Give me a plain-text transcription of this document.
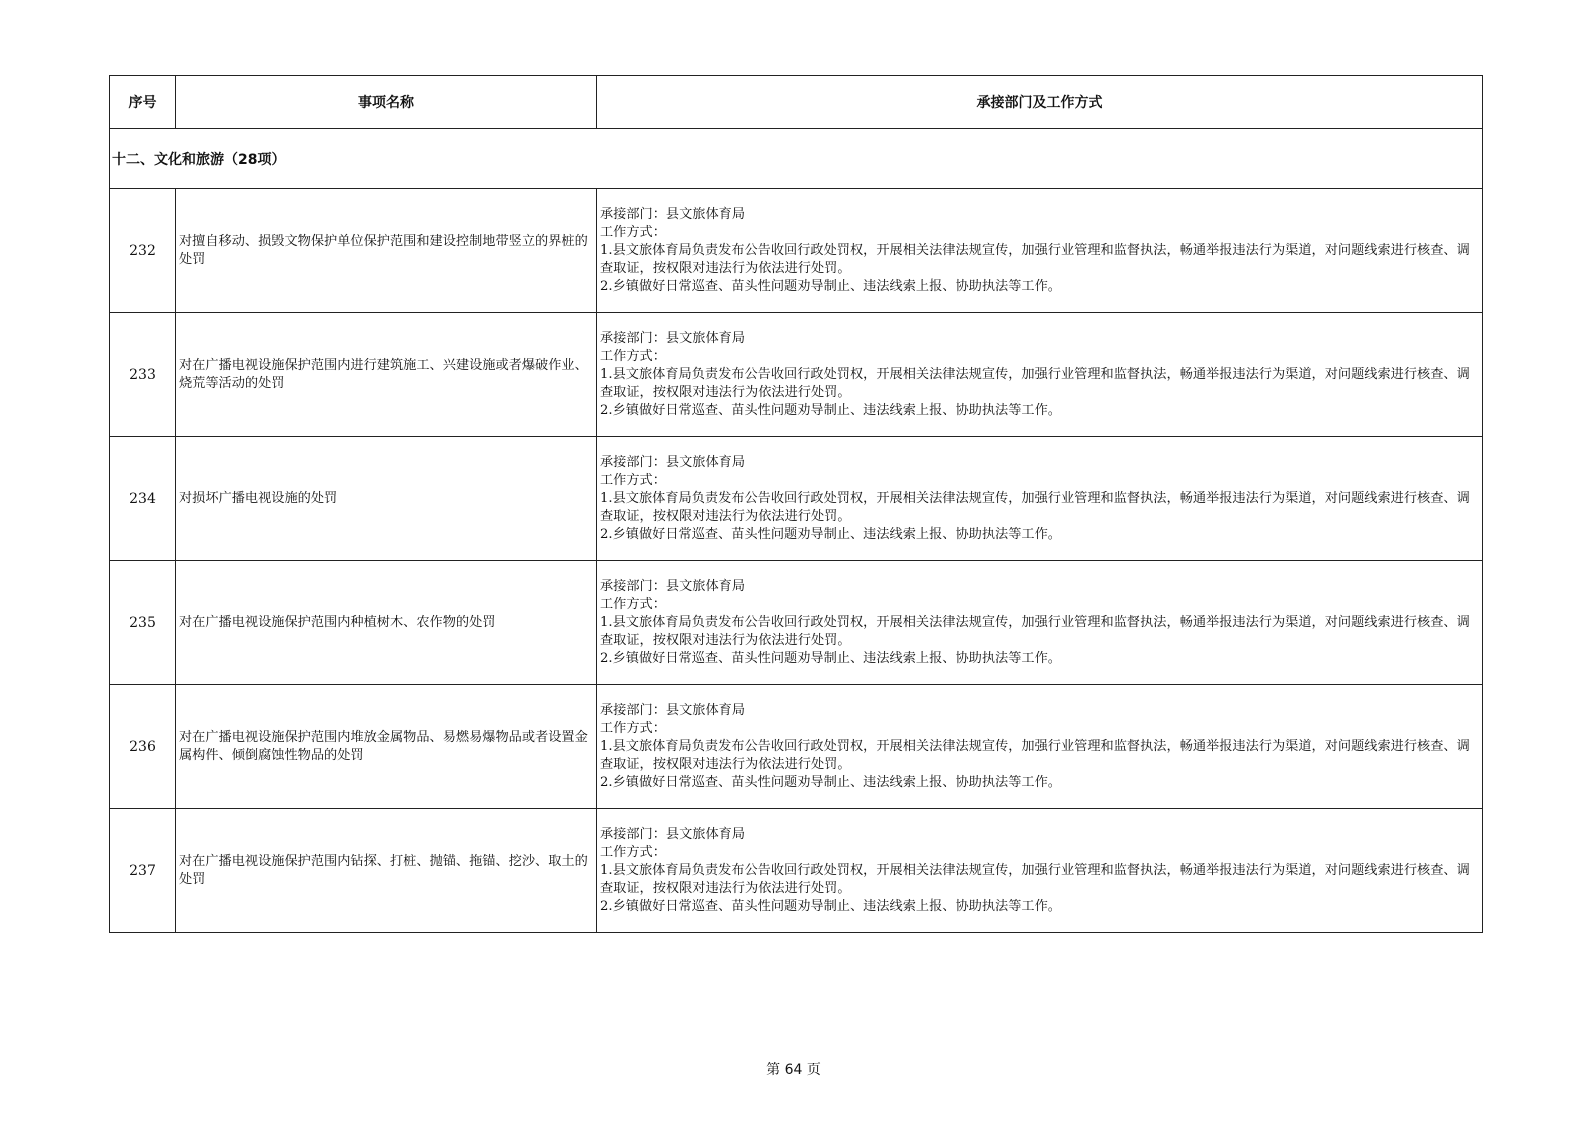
序号	事项名称	承接部门及工作方式
十二、文化和旅游（28项）		
232	对擅自移动、损毁文物保护单位保护范围和建设控制地带竖立的界桩的处罚	承接部门：县文旅体育局
工作方式：
1.县文旅体育局负责发布公告收回行政处罚权，开展相关法律法规宣传，加强行业管理和监督执法，畅通举报违法行为渠道，对问题线索进行核查、调查取证，按权限对违法行为依法进行处罚。
2.乡镇做好日常巡查、苗头性问题劝导制止、违法线索上报、协助执法等工作。

233	对在广播电视设施保护范围内进行建筑施工、兴建设施或者爆破作业、烧荒等活动的处罚	承接部门：县文旅体育局
工作方式：
1.县文旅体育局负责发布公告收回行政处罚权，开展相关法律法规宣传，加强行业管理和监督执法，畅通举报违法行为渠道，对问题线索进行核查、调查取证，按权限对违法行为依法进行处罚。
2.乡镇做好日常巡查、苗头性问题劝导制止、违法线索上报、协助执法等工作。

234	对损坏广播电视设施的处罚	承接部门：县文旅体育局
工作方式：
1.县文旅体育局负责发布公告收回行政处罚权，开展相关法律法规宣传，加强行业管理和监督执法，畅通举报违法行为渠道，对问题线索进行核查、调查取证，按权限对违法行为依法进行处罚。
2.乡镇做好日常巡查、苗头性问题劝导制止、违法线索上报、协助执法等工作。

235	对在广播电视设施保护范围内种植树木、农作物的处罚	承接部门：县文旅体育局
工作方式：
1.县文旅体育局负责发布公告收回行政处罚权，开展相关法律法规宣传，加强行业管理和监督执法，畅通举报违法行为渠道，对问题线索进行核查、调查取证，按权限对违法行为依法进行处罚。
2.乡镇做好日常巡查、苗头性问题劝导制止、违法线索上报、协助执法等工作。

236	对在广播电视设施保护范围内堆放金属物品、易燃易爆物品或者设置金属构件、倾倒腐蚀性物品的处罚	承接部门：县文旅体育局
工作方式：
1.县文旅体育局负责发布公告收回行政处罚权，开展相关法律法规宣传，加强行业管理和监督执法，畅通举报违法行为渠道，对问题线索进行核查、调查取证，按权限对违法行为依法进行处罚。
2.乡镇做好日常巡查、苗头性问题劝导制止、违法线索上报、协助执法等工作。

237	对在广播电视设施保护范围内钻探、打桩、抛锚、拖锚、挖沙、取土的处罚	承接部门：县文旅体育局
工作方式：
1.县文旅体育局负责发布公告收回行政处罚权，开展相关法律法规宣传，加强行业管理和监督执法，畅通举报违法行为渠道，对问题线索进行核查、调查取证，按权限对违法行为依法进行处罚。
2.乡镇做好日常巡查、苗头性问题劝导制止、违法线索上报、协助执法等工作。
第 64 页
